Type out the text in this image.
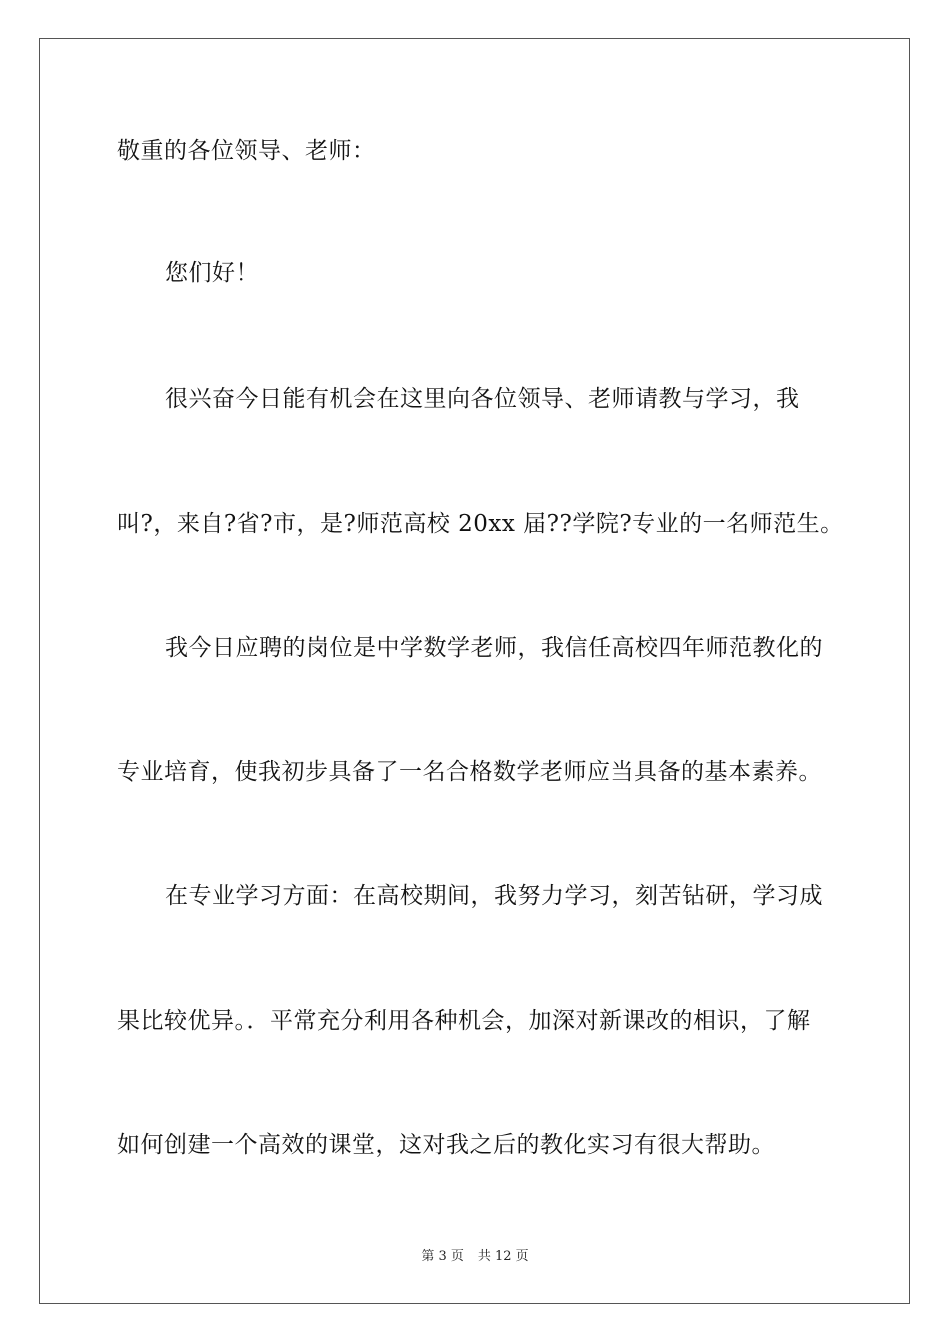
敬重的各位领导、老师：
您们好！
很兴奋今日能有机会在这里向各位领导、老师请教与学习，我
叫?，来自?省?市，是?师范高校 20xx 届??学院?专业的一名师范生。
我今日应聘的岗位是中学数学老师，我信任高校四年师范教化的
专业培育，使我初步具备了一名合格数学老师应当具备的基本素养。
在专业学习方面：在高校期间，我努力学习，刻苦钻研，学习成
果比较优异。．平常充分利用各种机会，加深对新课改的相识，了解
如何创建一个高效的课堂，这对我之后的教化实习有很大帮助。
第 3 页 共 12 页
